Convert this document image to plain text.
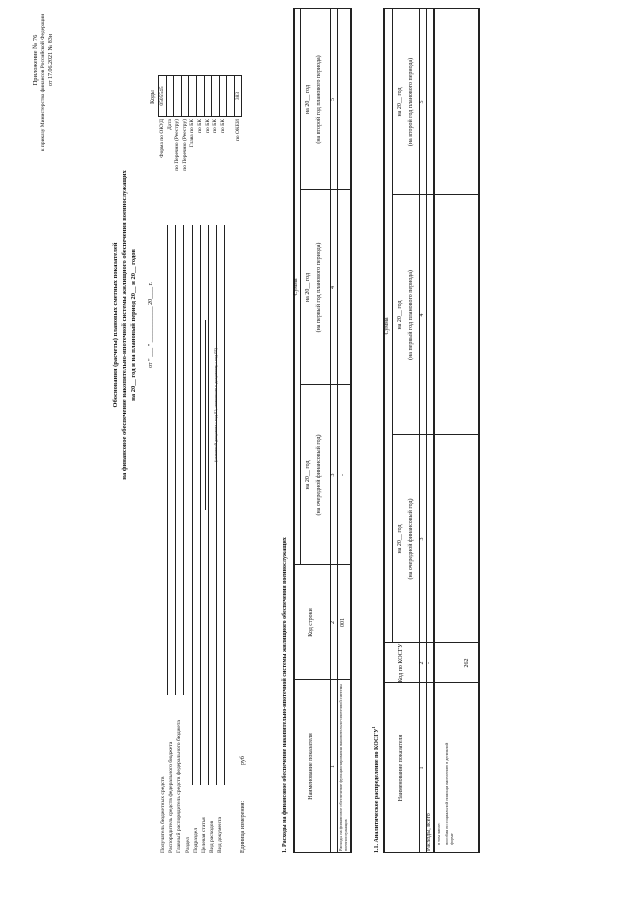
Приложение № 76 к приказу Министерства финансов Российской Федерации от 17.06.2021 № 83н
Обоснования (расчеты) плановых сметных показателей на финансовое обеспечение накопительно-ипотечной системы жилищного обеспечения военнослужащих на 20__ год и на плановый период 20__ и 20__ годов от " ___ " ____________ 20____ г.
(основной документ - код 01; изменения к документу - код 02)
Коды
Единица измерения:
руб	1. Расходы на финансовое обеспечение накопительно-ипотечной системы жилищного обеспечения военнослужащих	Наименование показателя
Код строки
Сумма
на 20__ год (на очередной финансовый год)
на 20__ год (на первый год планового периода)
на 20__ год (на второй год планового периода)
1
2
3
4
5
Расходы на финансовое обеспечение функционирования накопительно-ипотечной системы военнослужащих
001
-
1.1. Аналитическое распределение по КОСГУ$^1$
Наименование показателя
Код по КОСГУ
Сумма
на 20__ год (на очередной финансовый год)
на 20__ год (на первый год планового периода)
на 20__ год (на второй год планового периода)
1
2
3
4
5
Расходы, всего
-
в том числе: пособия по социальной помощи населению в денежной форме
262
Форма по ОКУД
0505545
Дата по Перечню (Реестру) по Перечню (Реестру) Глава по БК по БК по БК по БК по БК по ОКЕИ
383
Получатель бюджетных средств Распорядитель средств федерального бюджета Главный распорядитель средств федерального бюджета Раздел Подраздел Целевая статья Вид расходов Вид документа
